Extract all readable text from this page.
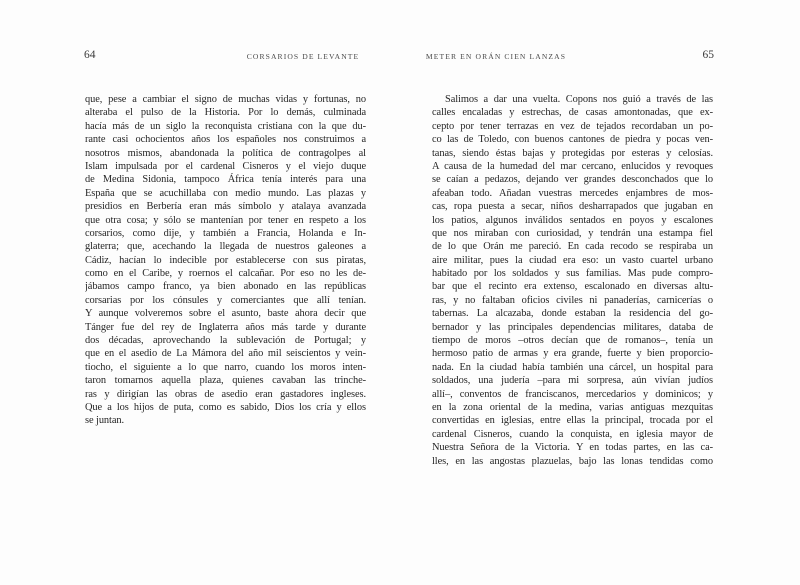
64	CORSARIOS DE LEVANTE	METER EN ORÁN CIEN LANZAS	65
que, pese a cambiar el signo de muchas vidas y fortunas, no
alteraba el pulso de la Historia. Por lo demás, culminada
hacía más de un siglo la reconquista cristiana con la que du-
rante casi ochocientos años los españoles nos construimos a
nosotros mismos, abandonada la política de contragolpes al
Islam impulsada por el cardenal Cisneros y el viejo duque
de Medina Sidonia, tampoco África tenía interés para una
España que se acuchillaba con medio mundo. Las plazas y
presidios en Berbería eran más símbolo y atalaya avanzada
que otra cosa; y sólo se mantenían por tener en respeto a los
corsarios, como dije, y también a Francia, Holanda e In-
glaterra; que, acechando la llegada de nuestros galeones a
Cádiz, hacían lo indecible por establecerse con sus piratas,
como en el Caribe, y roernos el calcañar. Por eso no les de-
jábamos campo franco, ya bien abonado en las repúblicas
corsarias por los cónsules y comerciantes que allí tenían.
Y aunque volveremos sobre el asunto, baste ahora decir que
Tánger fue del rey de Inglaterra años más tarde y durante
dos décadas, aprovechando la sublevación de Portugal; y
que en el asedio de La Mámora del año mil seiscientos y vein-
tiocho, el siguiente a lo que narro, cuando los moros inten-
taron tomarnos aquella plaza, quienes cavaban las trinche-
ras y dirigían las obras de asedio eran gastadores ingleses.
Que a los hijos de puta, como es sabido, Dios los cría y ellos
se juntan.
Salimos a dar una vuelta. Copons nos guió a través de las
calles encaladas y estrechas, de casas amontonadas, que ex-
cepto por tener terrazas en vez de tejados recordaban un po-
co las de Toledo, con buenos cantones de piedra y pocas ven-
tanas, siendo éstas bajas y protegidas por esteras y celosías.
A causa de la humedad del mar cercano, enlucidos y revoques
se caían a pedazos, dejando ver grandes desconchados que lo
afeaban todo. Añadan vuestras mercedes enjambres de mos-
cas, ropa puesta a secar, niños desharrapados que jugaban en
los patios, algunos inválidos sentados en poyos y escalones
que nos miraban con curiosidad, y tendrán una estampa fiel
de lo que Orán me pareció. En cada recodo se respiraba un
aire militar, pues la ciudad era eso: un vasto cuartel urbano
habitado por los soldados y sus familias. Mas pude compro-
bar que el recinto era extenso, escalonado en diversas altu-
ras, y no faltaban oficios civiles ni panaderías, carnicerías o
tabernas. La alcazaba, donde estaban la residencia del go-
bernador y las principales dependencias militares, databa de
tiempo de moros –otros decían que de romanos–, tenía un
hermoso patio de armas y era grande, fuerte y bien proporcio-
nada. En la ciudad había también una cárcel, un hospital para
soldados, una judería –para mi sorpresa, aún vivían judíos
allí–, conventos de franciscanos, mercedarios y dominicos; y
en la zona oriental de la medina, varias antiguas mezquitas
convertidas en iglesias, entre ellas la principal, trocada por el
cardenal Cisneros, cuando la conquista, en iglesia mayor de
Nuestra Señora de la Victoria. Y en todas partes, en las ca-
lles, en las angostas plazuelas, bajo las lonas tendidas como
